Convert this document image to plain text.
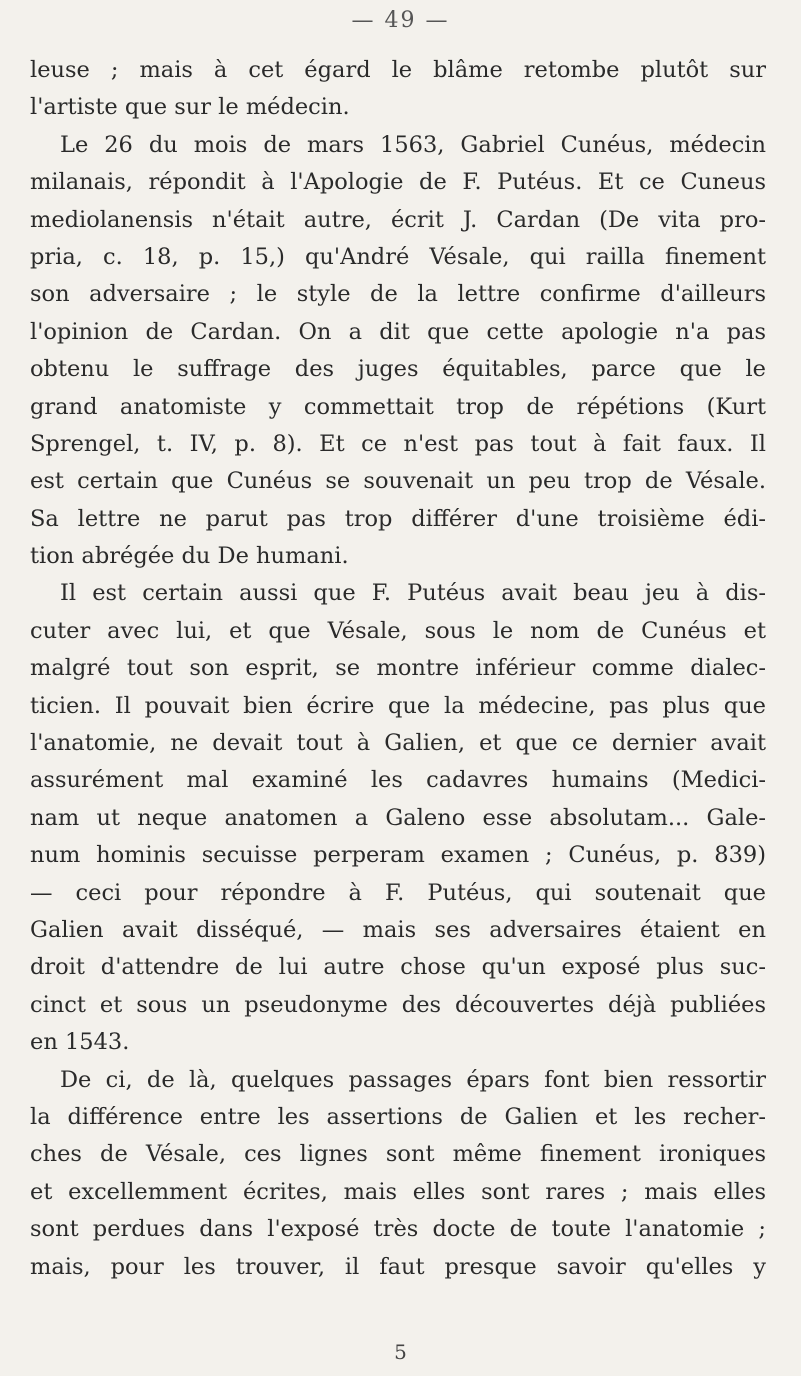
— 49 —
leuse ; mais à cet égard le blâme retombe plutôt sur
l'artiste que sur le médecin.
Le 26 du mois de mars 1563, Gabriel Cunéus, médecin
milanais, répondit à l'Apologie de F. Putéus. Et ce Cuneus
mediolanensis n'était autre, écrit J. Cardan (De vita pro-
pria, c. 18, p. 15,) qu'André Vésale, qui railla finement
son adversaire ; le style de la lettre confirme d'ailleurs
l'opinion de Cardan. On a dit que cette apologie n'a pas
obtenu le suffrage des juges équitables, parce que le
grand anatomiste y commettait trop de répétions (Kurt
Sprengel, t. IV, p. 8). Et ce n'est pas tout à fait faux. Il
est certain que Cunéus se souvenait un peu trop de Vésale.
Sa lettre ne parut pas trop différer d'une troisième édi-
tion abrégée du De humani.
Il est certain aussi que F. Putéus avait beau jeu à dis-
cuter avec lui, et que Vésale, sous le nom de Cunéus et
malgré tout son esprit, se montre inférieur comme dialec-
ticien. Il pouvait bien écrire que la médecine, pas plus que
l'anatomie, ne devait tout à Galien, et que ce dernier avait
assurément mal examiné les cadavres humains (Medici-
nam ut neque anatomen a Galeno esse absolutam... Gale-
num hominis secuisse perperam examen ; Cunéus, p. 839)
— ceci pour répondre à F. Putéus, qui soutenait que
Galien avait disséqué, — mais ses adversaires étaient en
droit d'attendre de lui autre chose qu'un exposé plus suc-
cinct et sous un pseudonyme des découvertes déjà publiées
en 1543.
De ci, de là, quelques passages épars font bien ressortir
la différence entre les assertions de Galien et les recher-
ches de Vésale, ces lignes sont même finement ironiques
et excellemment écrites, mais elles sont rares ; mais elles
sont perdues dans l'exposé très docte de toute l'anatomie ;
mais, pour les trouver, il faut presque savoir qu'elles y
5
